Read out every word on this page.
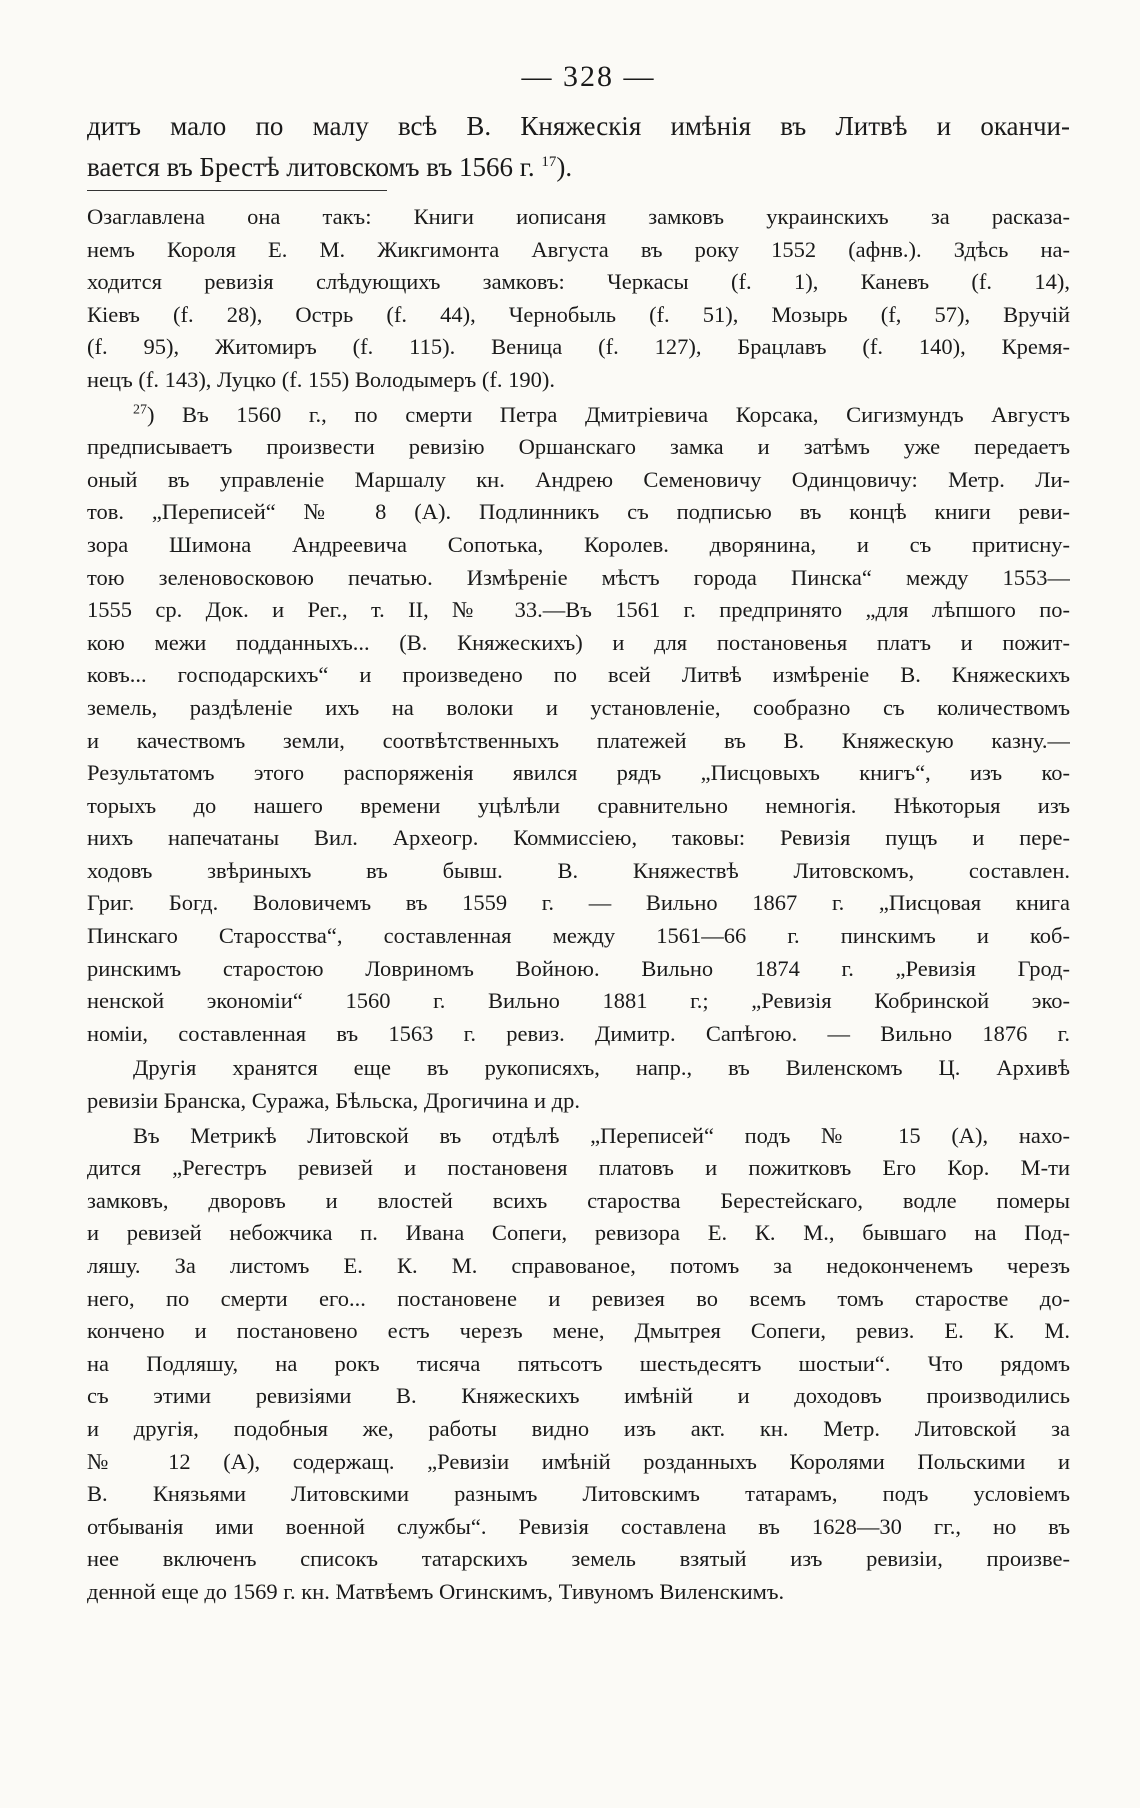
— 328 —

дитъ мало по малу всѣ В. Княжескія имѣнія въ Литвѣ и оканчи-
вается въ Брестѣ литовскомъ въ 1566 г. $^{17}$).

Озаглавлена она такъ: Книги иописаня замковъ украинскихъ за расказа-
немъ Короля Е. М. Жикгимонта Августа въ року 1552 (афнв.). Здѣсь на-
ходится ревизія слѣдующихъ замковъ: Черкасы (f. 1), Каневъ (f. 14),
Кіевъ (f. 28), Острь (f. 44), Чернобыль (f. 51), Мозырь (f, 57), Вручій
(f. 95), Житомиръ (f. 115). Веница (f. 127), Брацлавъ (f. 140), Кремя-
нецъ (f. 143), Луцко (f. 155) Володымеръ (f. 190).

$^{27}$) Въ 1560 г., по смерти Петра Дмитріевича Корсака, Сигизмундъ Августъ
предписываетъ произвести ревизію Оршанскаго замка и затѣмъ уже передаетъ
оный въ управленіе Маршалу кн. Андрею Семеновичу Одинцовичу: Метр. Ли-
тов. „Переписей“ № 8 (А). Подлинникъ съ подписью въ концѣ книги реви-
зора Шимона Андреевича Сопотька, Королев. дворянина, и съ притисну-
тою зеленовосковою печатью. Измѣреніе мѣстъ города Пинска“ между 1553—
1555 ср. Док. и Рег., т. II, № 33.—Въ 1561 г. предпринято „для лѣпшого по-
кою межи подданныхъ... (В. Княжескихъ) и для постановенья платъ и пожит-
ковъ... господарскихъ“ и произведено по всей Литвѣ измѣреніе В. Княжескихъ
земель, раздѣленіе ихъ на волоки и установленіе, сообразно съ количествомъ
и качествомъ земли, соотвѣтственныхъ платежей въ В. Княжескую казну.—
Результатомъ этого распоряженія явился рядъ „Писцовыхъ книгъ“, изъ ко-
торыхъ до нашего времени уцѣлѣли сравнительно немногія. Нѣкоторыя изъ
нихъ напечатаны Вил. Археогр. Коммиссіею, таковы: Ревизія пущъ и пере-
ходовъ звѣриныхъ въ бывш. В. Княжествѣ Литовскомъ, составлен.
Григ. Богд. Воловичемъ въ 1559 г. — Вильно 1867 г. „Писцовая книга
Пинскаго Старосства“, составленная между 1561—66 г. пинскимъ и коб-
ринскимъ старостою Ловриномъ Войною. Вильно 1874 г. „Ревизія Грод-
ненской экономіи“ 1560 г. Вильно 1881 г.; „Ревизія Кобринской эко-
номіи, составленная въ 1563 г. ревиз. Димитр. Сапѣгою. — Вильно 1876 г.

Другія хранятся еще въ рукописяхъ, напр., въ Виленскомъ Ц. Архивѣ
ревизіи Бранска, Суража, Бѣльска, Дрогичина и др.

Въ Метрикѣ Литовской въ отдѣлѣ „Переписей“ подъ № 15 (А), нахо-
дится „Регестръ ревизей и постановеня платовъ и пожитковъ Его Кор. М-ти
замковъ, дворовъ и влостей всихъ староства Берестейскаго, водле померы
и ревизей небожчика п. Ивана Сопеги, ревизора Е. К. М., бывшаго на Под-
ляшу. За листомъ Е. К. М. справованое, потомъ за недоконченемъ черезъ
него, по смерти его... постановене и ревизея во всемъ томъ старостве до-
кончено и постановено естъ черезъ мене, Дмытрея Сопеги, ревиз. Е. К. М.
на Подляшу, на рокъ тисяча пятьсотъ шестьдесятъ шостыи“. Что рядомъ
съ этими ревизіями В. Княжескихъ имѣній и доходовъ производились
и другія, подобныя же, работы видно изъ акт. кн. Метр. Литовской за
№ 12 (А), содержащ. „Ревизіи имѣній розданныхъ Королями Польскими и
В. Князьями Литовскими разнымъ Литовскимъ татарамъ, подъ условіемъ
отбыванія ими военной службы“. Ревизія составлена въ 1628—30 гг., но въ
нее включенъ списокъ татарскихъ земель взятый изъ ревизіи, произве-
денной еще до 1569 г. кн. Матвѣемъ Огинскимъ, Тивуномъ Виленскимъ.
